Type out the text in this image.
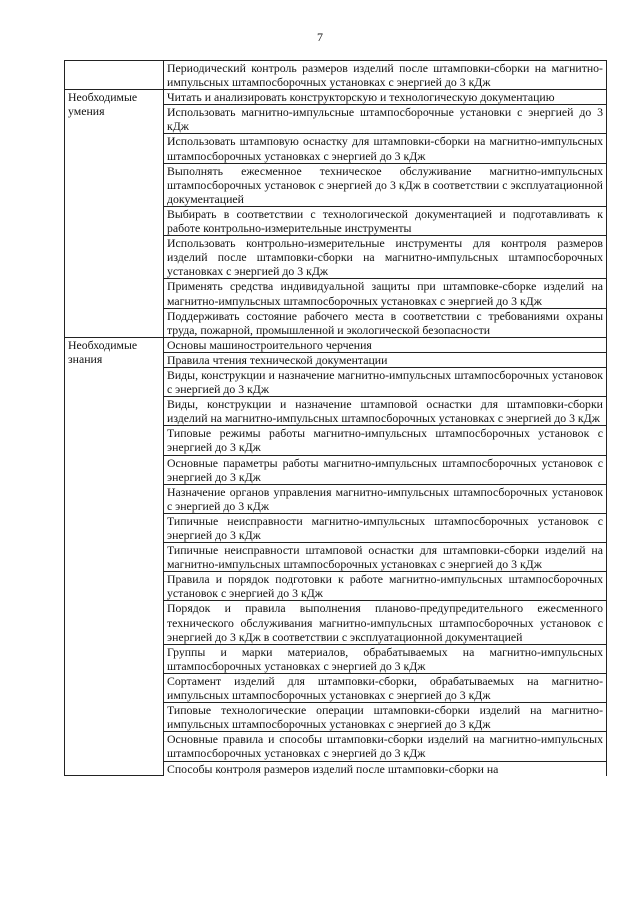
7
	Периодический контроль размеров изделий после штамповки-сборки на магнитно-импульсных штампосборочных установках с энергией до 3 кДж

Необходимые умения	Читать и анализировать конструкторскую и технологическую документацию
	Использовать магнитно-импульсные штампосборочные установки с энергией до 3 кДж
	Использовать штамповую оснастку для штамповки-сборки на магнитно-импульсных штампосборочных установках с энергией до 3 кДж
	Выполнять ежесменное техническое обслуживание магнитно-импульсных штампосборочных установок с энергией до 3 кДж в соответствии с эксплуатационной документацией
	Выбирать в соответствии с технологической документацией и подготавливать к работе контрольно-измерительные инструменты
	Использовать контрольно-измерительные инструменты для контроля размеров изделий после штамповки-сборки на магнитно-импульсных штампосборочных установках с энергией до 3 кДж
	Применять средства индивидуальной защиты при штамповке-сборке изделий на магнитно-импульсных штампосборочных установках с энергией до 3 кДж
	Поддерживать состояние рабочего места в соответствии с требованиями охраны труда, пожарной, промышленной и экологической безопасности

Необходимые знания	Основы машиностроительного черчения
	Правила чтения технической документации
	Виды, конструкции и назначение магнитно-импульсных штампосборочных установок с энергией до 3 кДж
	Виды, конструкции и назначение штамповой оснастки для штамповки-сборки изделий на магнитно-импульсных штампосборочных установках с энергией до 3 кДж
	Типовые режимы работы магнитно-импульсных штампосборочных установок с энергией до 3 кДж
	Основные параметры работы магнитно-импульсных штампосборочных установок с энергией до 3 кДж
	Назначение органов управления магнитно-импульсных штампосборочных установок с энергией до 3 кДж
	Типичные неисправности магнитно-импульсных штампосборочных установок с энергией до 3 кДж
	Типичные неисправности штамповой оснастки для штамповки-сборки изделий на магнитно-импульсных штампосборочных установках с энергией до 3 кДж
	Правила и порядок подготовки к работе магнитно-импульсных штампосборочных установок с энергией до 3 кДж
	Порядок и правила выполнения планово-предупредительного ежесменного технического обслуживания магнитно-импульсных штампосборочных установок с энергией до 3 кДж в соответствии с эксплуатационной документацией
	Группы и марки материалов, обрабатываемых на магнитно-импульсных штампосборочных установках с энергией до 3 кДж
	Сортамент изделий для штамповки-сборки, обрабатываемых на магнитно-импульсных штампосборочных установках с энергией до 3 кДж
	Типовые технологические операции штамповки-сборки изделий на магнитно-импульсных штампосборочных установках с энергией до 3 кДж
	Основные правила и способы штамповки-сборки изделий на магнитно-импульсных штампосборочных установках с энергией до 3 кДж
	Способы контроля размеров изделий после штамповки-сборки на
